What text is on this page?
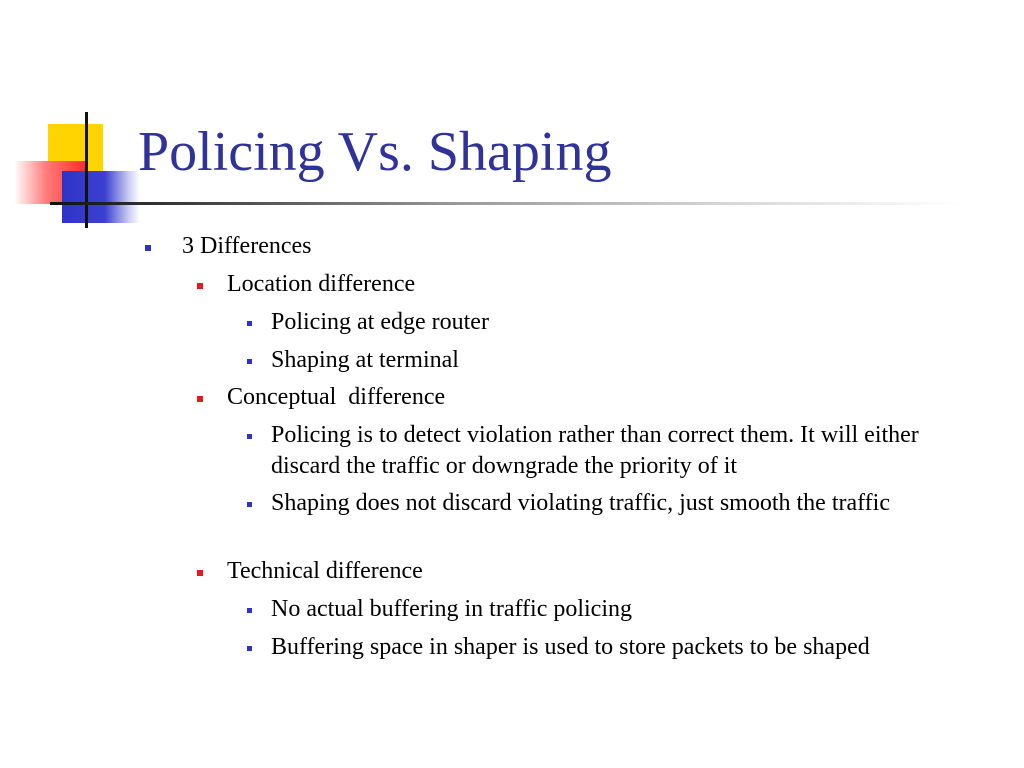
Policing Vs. Shaping
3 Differences
Location difference
Policing at edge router
Shaping at terminal
Conceptual  difference
Policing is to detect violation rather than correct them. It will either discard the traffic or downgrade the priority of it
Shaping does not discard violating traffic, just smooth the traffic
Technical difference
No actual buffering in traffic policing
Buffering space in shaper is used to store packets to be shaped
